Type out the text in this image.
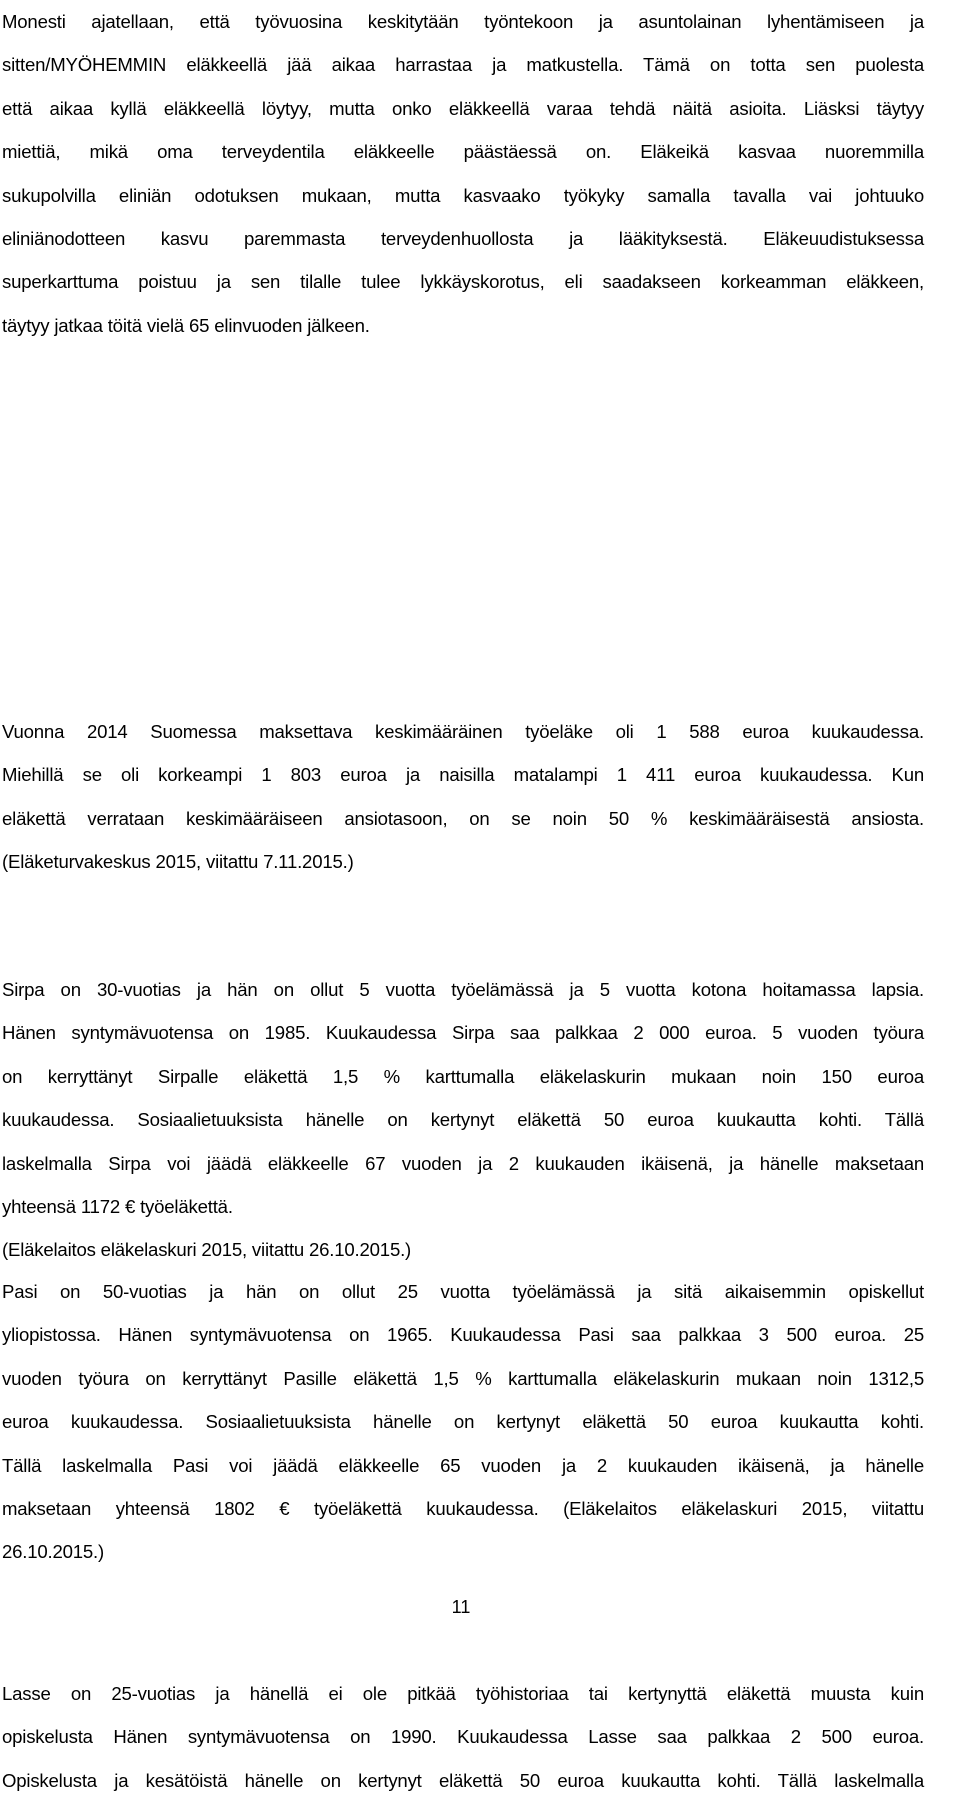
Monesti ajatellaan, että työvuosina keskitytään työntekoon ja asuntolainan lyhentämiseen ja
sitten/MYÖHEMMIN eläkkeellä jää aikaa harrastaa ja matkustella. Tämä on totta sen puolesta
että aikaa kyllä eläkkeellä löytyy, mutta onko eläkkeellä varaa tehdä näitä asioita. Liäsksi täytyy
miettiä, mikä oma terveydentila eläkkeelle päästäessä on. Eläkeikä kasvaa nuoremmilla
sukupolvilla eliniän odotuksen mukaan, mutta kasvaako työkyky samalla tavalla vai johtuuko
eliniänodotteen kasvu paremmasta terveydenhuollosta ja lääkityksestä. Eläkeuudistuksessa
superkarttuma poistuu ja sen tilalle tulee lykkäyskorotus, eli saadakseen korkeamman eläkkeen,
täytyy jatkaa töitä vielä 65 elinvuoden jälkeen.
Vuonna 2014 Suomessa maksettava keskimääräinen työeläke oli 1 588 euroa kuukaudessa.
Miehillä se oli korkeampi 1 803 euroa ja naisilla matalampi 1 411 euroa kuukaudessa. Kun
eläkettä verrataan keskimääräiseen ansiotasoon, on se noin 50 % keskimääräisestä ansiosta.
(Eläketurvakeskus 2015, viitattu 7.11.2015.)
Sirpa on 30-vuotias ja hän on ollut 5 vuotta työelämässä ja 5 vuotta kotona hoitamassa lapsia.
Hänen syntymävuotensa on 1985. Kuukaudessa Sirpa saa palkkaa 2 000 euroa. 5 vuoden työura
on kerryttänyt Sirpalle eläkettä 1,5 % karttumalla eläkelaskurin mukaan noin 150 euroa
kuukaudessa. Sosiaalietuuksista hänelle on kertynyt eläkettä 50 euroa kuukautta kohti. Tällä
laskelmalla Sirpa voi jäädä eläkkeelle 67 vuoden ja 2 kuukauden ikäisenä, ja hänelle maksetaan
yhteensä 1172 € työeläkettä.
(Eläkelaitos eläkelaskuri 2015, viitattu 26.10.2015.)
Pasi on 50-vuotias ja hän on ollut 25 vuotta työelämässä ja sitä aikaisemmin opiskellut
yliopistossa. Hänen syntymävuotensa on 1965. Kuukaudessa Pasi saa palkkaa 3 500 euroa. 25
vuoden työura on kerryttänyt Pasille eläkettä 1,5 % karttumalla eläkelaskurin mukaan noin 1312,5
euroa kuukaudessa. Sosiaalietuuksista hänelle on kertynyt eläkettä 50 euroa kuukautta kohti.
Tällä laskelmalla Pasi voi jäädä eläkkeelle 65 vuoden ja 2 kuukauden ikäisenä, ja hänelle
maksetaan yhteensä 1802 € työeläkettä kuukaudessa. (Eläkelaitos eläkelaskuri 2015, viitattu
26.10.2015.)
Lasse on 25-vuotias ja hänellä ei ole pitkää työhistoriaa tai kertynyttä eläkettä muusta kuin
opiskelusta Hänen syntymävuotensa on 1990. Kuukaudessa Lasse saa palkkaa 2 500 euroa.
Opiskelusta ja kesätöistä hänelle on kertynyt eläkettä 50 euroa kuukautta kohti. Tällä laskelmalla
11
